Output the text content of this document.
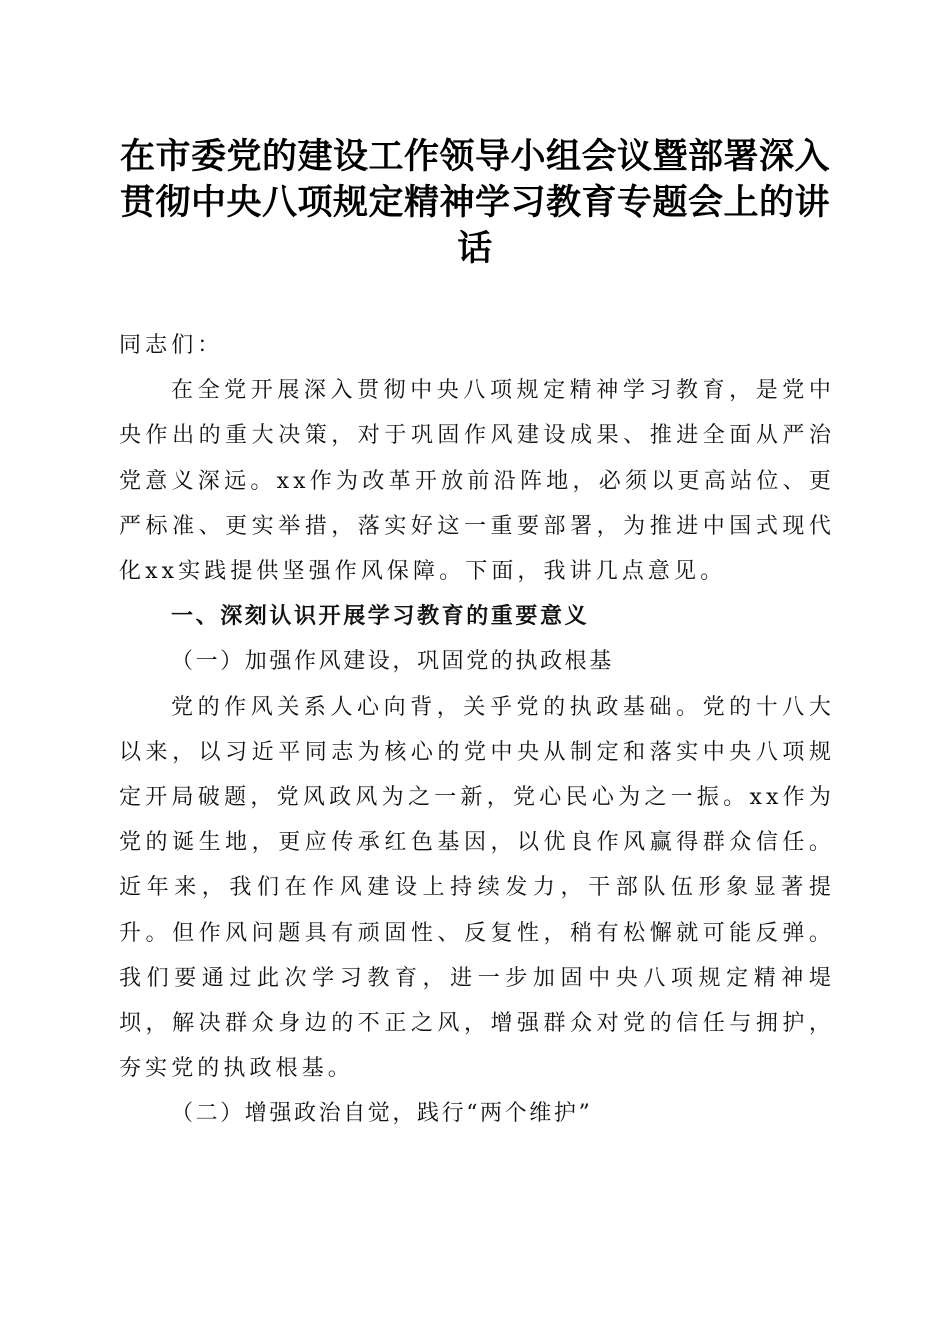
在市委党的建设工作领导小组会议暨部署深入
贯彻中央八项规定精神学习教育专题会上的讲
话

同志们：

在全党开展深入贯彻中央八项规定精神学习教育，是党中央作出的重大决策，对于巩固作风建设成果、推进全面从严治党意义深远。xx作为改革开放前沿阵地，必须以更高站位、更严标准、更实举措，落实好这一重要部署，为推进中国式现代化xx实践提供坚强作风保障。下面，我讲几点意见。

一、深刻认识开展学习教育的重要意义

（一）加强作风建设，巩固党的执政根基

党的作风关系人心向背，关乎党的执政基础。党的十八大以来，以习近平同志为核心的党中央从制定和落实中央八项规定开局破题，党风政风为之一新，党心民心为之一振。xx作为党的诞生地，更应传承红色基因，以优良作风赢得群众信任。近年来，我们在作风建设上持续发力，干部队伍形象显著提升。但作风问题具有顽固性、反复性，稍有松懈就可能反弹。我们要通过此次学习教育，进一步加固中央八项规定精神堤坝，解决群众身边的不正之风，增强群众对党的信任与拥护，夯实党的执政根基。

（二）增强政治自觉，践行“两个维护”
